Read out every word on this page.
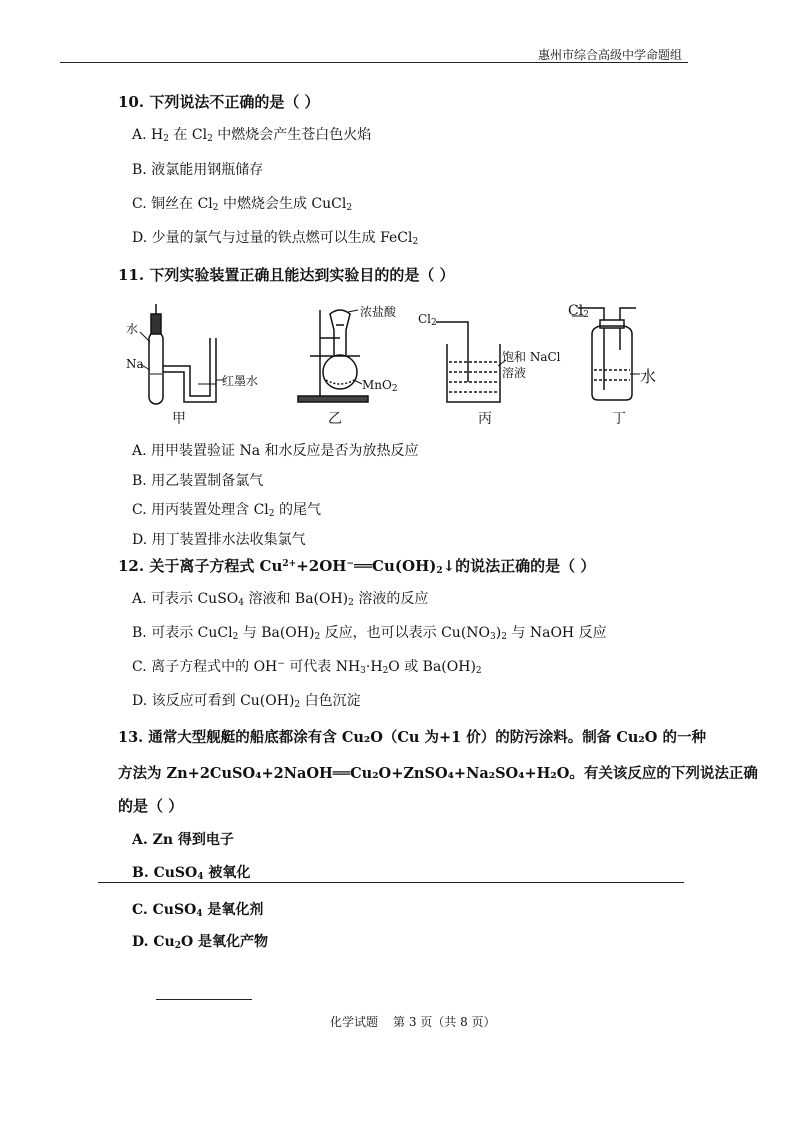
惠州市综合高级中学命题组
10. 下列说法不正确的是（ ）
A. $H_2$ 在 $Cl_2$ 中燃烧会产生苍白色火焰
B. 液氯能用钢瓶储存
C. 铜丝在 $Cl_2$ 中燃烧会生成 CuCl$_2$
D. 少量的氯气与过量的铁点燃可以生成 FeCl$_2$
11. 下列实验装置正确且能达到实验目的的是（ ）
水
Na
红墨水
甲
浓盐酸
MnO$_2$
乙
$Cl_2$
饱和 NaCl
溶液
丙
$Cl_2$
水
丁
A. 用甲装置验证 Na 和水反应是否为放热反应
B. 用乙装置制备氯气
C. 用丙装置处理含 $Cl_2$ 的尾气
D. 用丁装置排水法收集氯气
12. 关于离子方程式 $Cu^{2+}+2OH^-══Cu(OH)_2↓$的说法正确的是（ ）
A. 可表示 CuSO$_4$ 溶液和 $Ba(OH)_2$ 溶液的反应
B. 可表示 CuCl$_2$ 与 $Ba(OH)_2$ 反应，也可以表示 $Cu(NO_3)_2$ 与 NaOH 反应
C. 离子方程式中的 OH− 可代表 $NH_3\cdot H_2O$ 或 $Ba(OH)_2$
D. 该反应可看到 $Cu(OH)_2$ 白色沉淀
13. 通常大型舰艇的船底都涂有含 Cu₂O（Cu 为+1 价）的防污涂料。制备 Cu₂O 的一种
方法为 Zn+2CuSO₄+2NaOH══Cu₂O+ZnSO₄+Na₂SO₄+H₂O。有关该反应的下列说法正确
的是（ ）
A. Zn 得到电子
B. CuSO$_4$ 被氧化
C. CuSO$_4$ 是氧化剂
D. $Cu_2O$ 是氧化产物
化学试题 第 3 页（共 8 页）
